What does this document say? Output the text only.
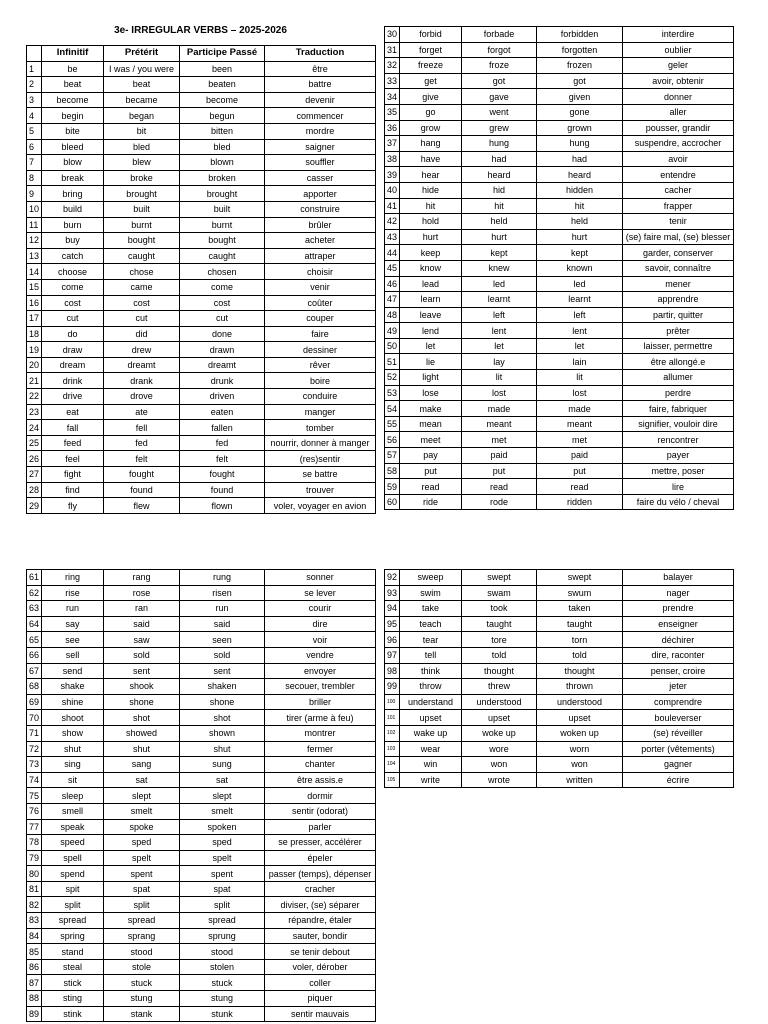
3e- IRREGULAR VERBS – 2025-2026
	Infinitif	Prétérit	Participe Passé	Traduction
1	be	I was / you were	been	être
2	beat	beat	beaten	battre
3	become	became	become	devenir
4	begin	began	begun	commencer
5	bite	bit	bitten	mordre
6	bleed	bled	bled	saigner
7	blow	blew	blown	souffler
8	break	broke	broken	casser
9	bring	brought	brought	apporter
10	build	built	built	construire
11	burn	burnt	burnt	brûler
12	buy	bought	bought	acheter
13	catch	caught	caught	attraper
14	choose	chose	chosen	choisir
15	come	came	come	venir
16	cost	cost	cost	coûter
17	cut	cut	cut	couper
18	do	did	done	faire
19	draw	drew	drawn	dessiner
20	dream	dreamt	dreamt	rêver
21	drink	drank	drunk	boire
22	drive	drove	driven	conduire
23	eat	ate	eaten	manger
24	fall	fell	fallen	tomber
25	feed	fed	fed	nourrir, donner à manger
26	feel	felt	felt	(res)sentir
27	fight	fought	fought	se battre
28	find	found	found	trouver
29	fly	flew	flown	voler, voyager en avion
30	forbid	forbade	forbidden	interdire
31	forget	forgot	forgotten	oublier
32	freeze	froze	frozen	geler
33	get	got	got	avoir, obtenir
34	give	gave	given	donner
35	go	went	gone	aller
36	grow	grew	grown	pousser, grandir
37	hang	hung	hung	suspendre, accrocher
38	have	had	had	avoir
39	hear	heard	heard	entendre
40	hide	hid	hidden	cacher
41	hit	hit	hit	frapper
42	hold	held	held	tenir
43	hurt	hurt	hurt	(se) faire mal, (se) blesser
44	keep	kept	kept	garder, conserver
45	know	knew	known	savoir, connaître
46	lead	led	led	mener
47	learn	learnt	learnt	apprendre
48	leave	left	left	partir, quitter
49	lend	lent	lent	prêter
50	let	let	let	laisser, permettre
51	lie	lay	lain	être allongé.e
52	light	lit	lit	allumer
53	lose	lost	lost	perdre
54	make	made	made	faire, fabriquer
55	mean	meant	meant	signifier, vouloir dire
56	meet	met	met	rencontrer
57	pay	paid	paid	payer
58	put	put	put	mettre, poser
59	read	read	read	lire
60	ride	rode	ridden	faire du vélo / cheval
61	ring	rang	rung	sonner
62	rise	rose	risen	se lever
63	run	ran	run	courir
64	say	said	said	dire
65	see	saw	seen	voir
66	sell	sold	sold	vendre
67	send	sent	sent	envoyer
68	shake	shook	shaken	secouer, trembler
69	shine	shone	shone	briller
70	shoot	shot	shot	tirer (arme à feu)
71	show	showed	shown	montrer
72	shut	shut	shut	fermer
73	sing	sang	sung	chanter
74	sit	sat	sat	être assis.e
75	sleep	slept	slept	dormir
76	smell	smelt	smelt	sentir (odorat)
77	speak	spoke	spoken	parler
78	speed	sped	sped	se presser, accélérer
79	spell	spelt	spelt	épeler
80	spend	spent	spent	passer (temps), dépenser
81	spit	spat	spat	cracher
82	split	split	split	diviser, (se) séparer
83	spread	spread	spread	répandre, étaler
84	spring	sprang	sprung	sauter, bondir
85	stand	stood	stood	se tenir debout
86	steal	stole	stolen	voler, dérober
87	stick	stuck	stuck	coller
88	sting	stung	stung	piquer
89	stink	stank	stunk	sentir mauvais
92	sweep	swept	swept	balayer
93	swim	swam	swum	nager
94	take	took	taken	prendre
95	teach	taught	taught	enseigner
96	tear	tore	torn	déchirer
97	tell	told	told	dire, raconter
98	think	thought	thought	penser, croire
99	throw	threw	thrown	jeter
100	understand	understood	understood	comprendre
101	upset	upset	upset	bouleverser
102	wake up	woke up	woken up	(se) réveiller
103	wear	wore	worn	porter (vêtements)
104	win	won	won	gagner
105	write	wrote	written	écrire
